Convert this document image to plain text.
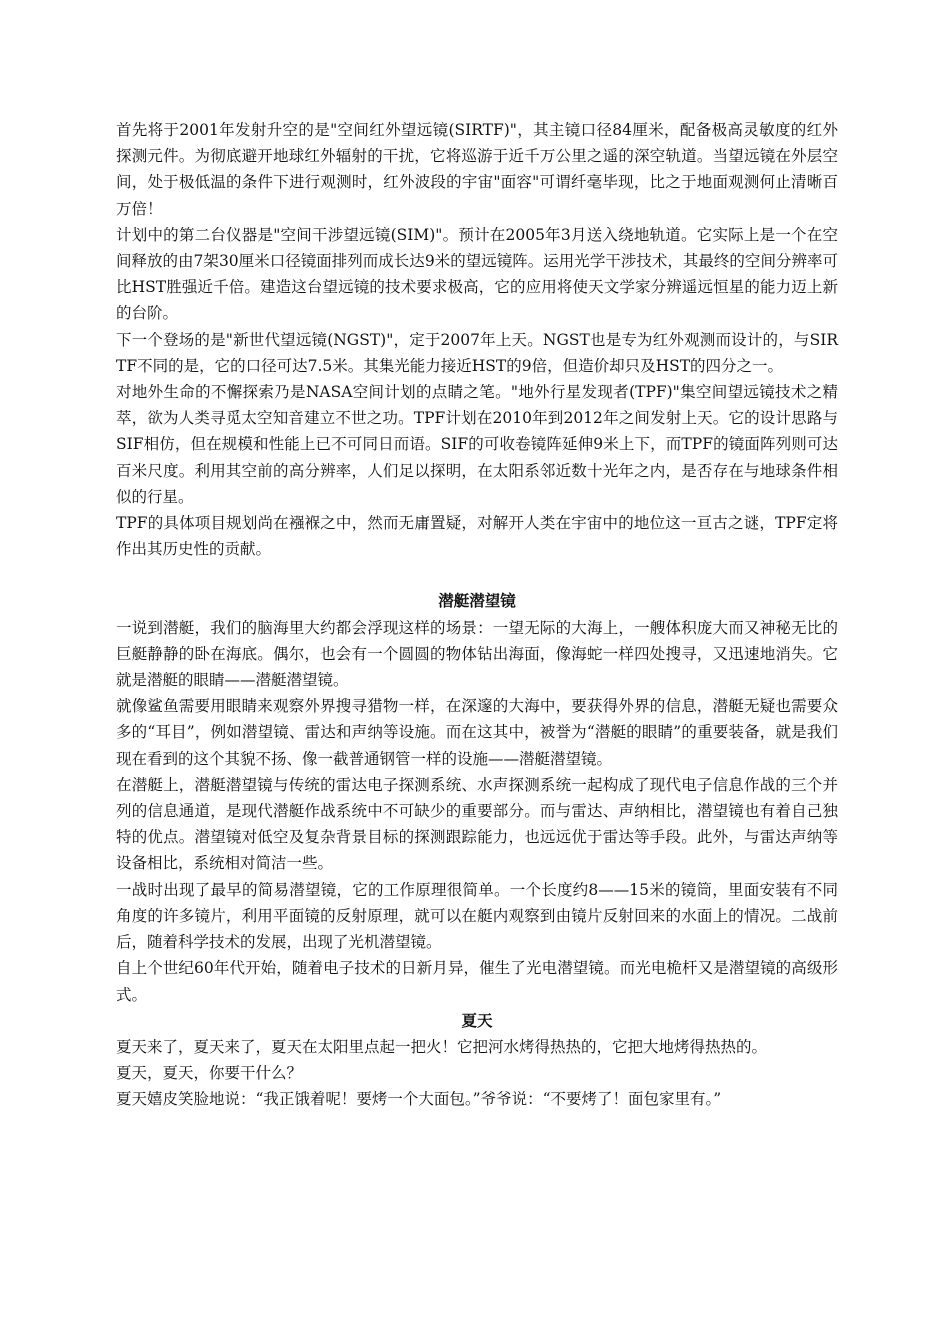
首先将于2001年发射升空的是"空间红外望远镜(SIRTF)"，其主镜口径84厘米，配备极高灵敏度的红外探测元件。为彻底避开地球红外辐射的干扰，它将巡游于近千万公里之遥的深空轨道。当望远镜在外层空间，处于极低温的条件下进行观测时，红外波段的宇宙"面容"可谓纤毫毕现，比之于地面观测何止清晰百万倍！

计划中的第二台仪器是"空间干涉望远镜(SIM)"。预计在2005年3月送入绕地轨道。它实际上是一个在空间释放的由7架30厘米口径镜面排列而成长达9米的望远镜阵。运用光学干涉技术，其最终的空间分辨率可比HST胜强近千倍。建造这台望远镜的技术要求极高，它的应用将使天文学家分辨遥远恒星的能力迈上新的台阶。

下一个登场的是"新世代望远镜(NGST)"，定于2007年上天。NGST也是专为红外观测而设计的，与SIRTF不同的是，它的口径可达7.5米。其集光能力接近HST的9倍，但造价却只及HST的四分之一。

对地外生命的不懈探索乃是NASA空间计划的点睛之笔。"地外行星发现者(TPF)"集空间望远镜技术之精萃，欲为人类寻觅太空知音建立不世之功。TPF计划在2010年到2012年之间发射上天。它的设计思路与SIF相仿，但在规模和性能上已不可同日而语。SIF的可收卷镜阵延伸9米上下，而TPF的镜面阵列则可达百米尺度。利用其空前的高分辨率，人们足以探明，在太阳系邻近数十光年之内，是否存在与地球条件相似的行星。

TPF的具体项目规划尚在襁褓之中，然而无庸置疑，对解开人类在宇宙中的地位这一亘古之谜，TPF定将作出其历史性的贡献。

潜艇潜望镜

一说到潜艇，我们的脑海里大约都会浮现这样的场景：一望无际的大海上，一艘体积庞大而又神秘无比的巨艇静静的卧在海底。偶尔，也会有一个圆圆的物体钻出海面，像海蛇一样四处搜寻，又迅速地消失。它就是潜艇的眼睛——潜艇潜望镜。

就像鲨鱼需要用眼睛来观察外界搜寻猎物一样，在深邃的大海中，要获得外界的信息，潜艇无疑也需要众多的“耳目”，例如潜望镜、雷达和声纳等设施。而在这其中，被誉为“潜艇的眼睛”的重要装备，就是我们现在看到的这个其貌不扬、像一截普通钢管一样的设施——潜艇潜望镜。

在潜艇上，潜艇潜望镜与传统的雷达电子探测系统、水声探测系统一起构成了现代电子信息作战的三个并列的信息通道，是现代潜艇作战系统中不可缺少的重要部分。而与雷达、声纳相比，潜望镜也有着自己独特的优点。潜望镜对低空及复杂背景目标的探测跟踪能力，也远远优于雷达等手段。此外，与雷达声纳等设备相比，系统相对简洁一些。

一战时出现了最早的简易潜望镜，它的工作原理很简单。一个长度约8——15米的镜筒，里面安装有不同角度的许多镜片，利用平面镜的反射原理，就可以在艇内观察到由镜片反射回来的水面上的情况。二战前后，随着科学技术的发展，出现了光机潜望镜。

自上个世纪60年代开始，随着电子技术的日新月异，催生了光电潜望镜。而光电桅杆又是潜望镜的高级形式。

夏天

夏天来了，夏天来了，夏天在太阳里点起一把火！它把河水烤得热热的，它把大地烤得热热的。

夏天，夏天，你要干什么？

夏天嬉皮笑脸地说：“我正饿着呢！要烤一个大面包。”爷爷说：“不要烤了！面包家里有。”
